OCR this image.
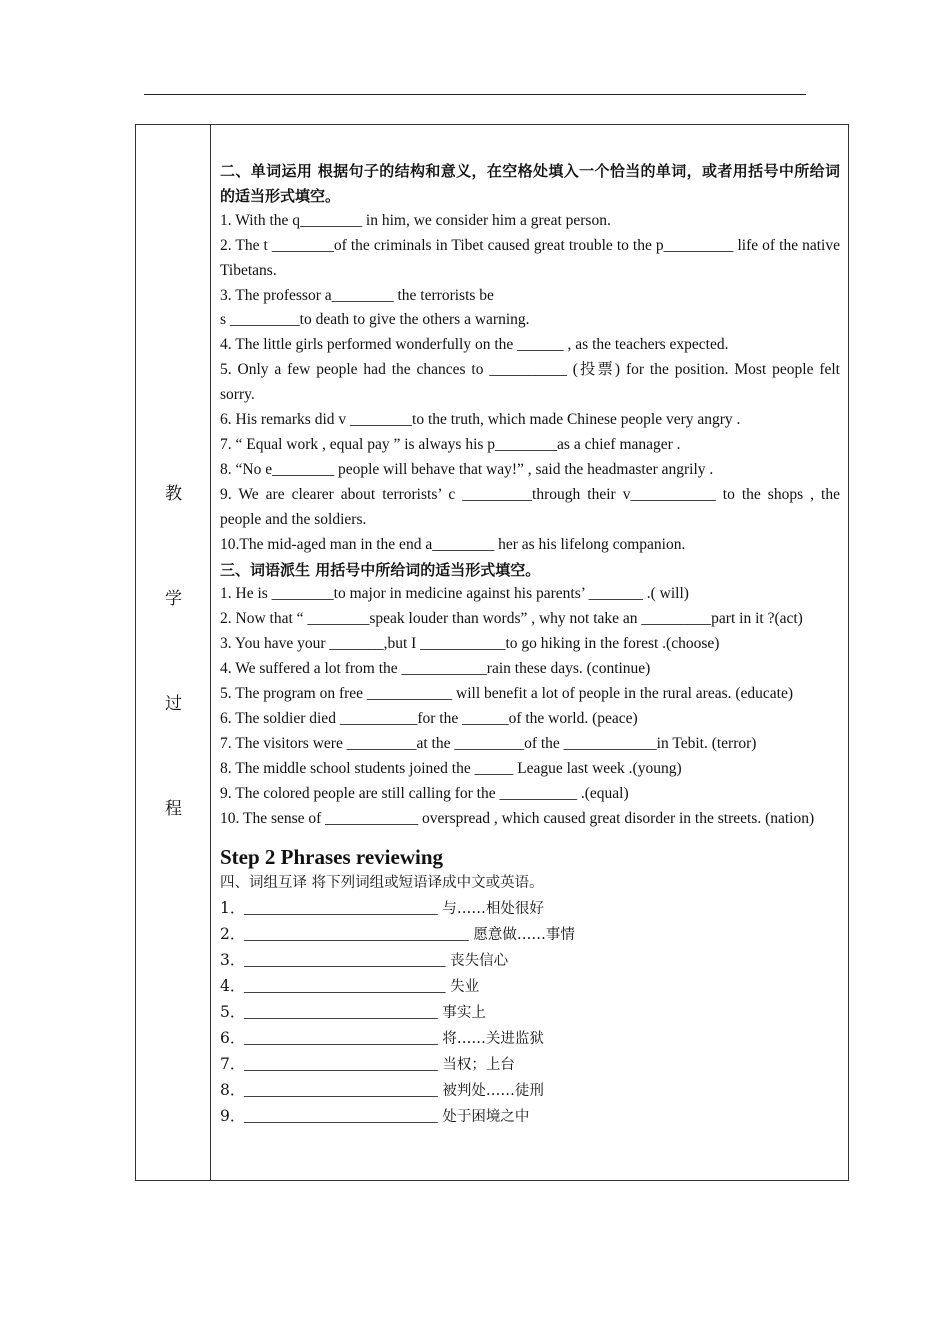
教
学
过
程
二、单词运用 根据句子的结构和意义，在空格处填入一个恰当的单词，或者用括号中所给词的适当形式填空。
1. With the q________ in him, we consider him a great person.
2. The t ________of the criminals in Tibet caused great trouble to the p_________ life of the native Tibetans.
3. The professor a________ the terrorists be
s _________to death to give the others a warning.
4. The little girls performed wonderfully on the ______ , as the teachers expected.
5. Only a few people had the chances to __________ (投票) for the position. Most people felt sorry.
6. His remarks did v ________to the truth, which made Chinese people very angry .
7. “ Equal work , equal pay ” is always his p________as a chief manager .
8. “No e________ people will behave that way!” , said the headmaster angrily .
9. We are clearer about terrorists’ c _________through their v___________ to the shops , the people and the soldiers.
10.The mid-aged man in the end a________ her as his lifelong companion.
三、词语派生 用括号中所给词的适当形式填空。
1. He is ________to major in medicine against his parents’ _______ .( will)
2. Now that “ ________speak louder than words” , why not take an _________part in it ?(act)
3. You have your _______,but I ___________to go hiking in the forest .(choose)
4. We suffered a lot from the ___________rain these days. (continue)
5. The program on free ___________ will benefit a lot of people in the rural areas. (educate)
6. The soldier died __________for the ______of the world. (peace)
7. The visitors were _________at the _________of the ____________in Tebit. (terror)
8. The middle school students joined the _____ League last week .(young)
9. The colored people are still calling for the __________ .(equal)
10. The sense of ____________ overspread , which caused great disorder in the streets. (nation)
Step 2 Phrases reviewing
四、词组互译 将下列词组或短语译成中文或英语。
1．_________________________ 与……相处很好
2．_____________________________ 愿意做……事情
3．__________________________ 丧失信心
4．__________________________ 失业
5．_________________________ 事实上
6．_________________________ 将……关进监狱
7．_________________________ 当权；上台
8．_________________________ 被判处……徒刑
9．_________________________ 处于困境之中
